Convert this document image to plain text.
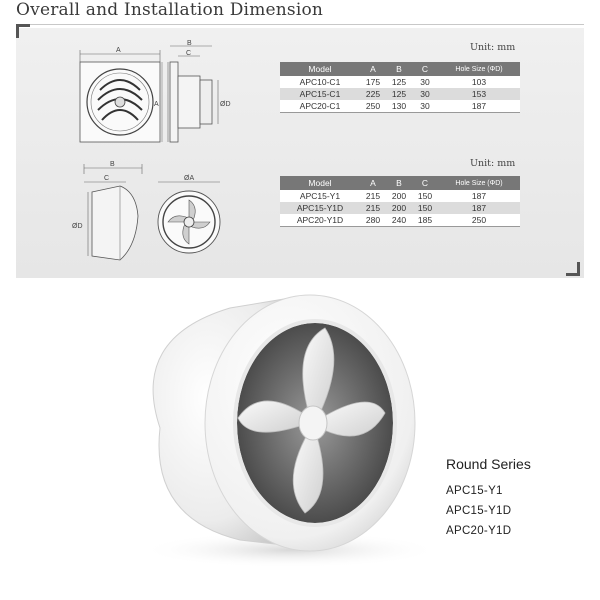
Overall and Installation Dimension
A
B
C
A	ØD
B
C
ØD
ØA
Unit: mm
Model	A	B	C	Hole Size (ΦD)
APC10-C1	175	125	30	103
APC15-C1	225	125	30	153
APC20-C1	250	130	30	187
Unit: mm
Model	A	B	C	Hole Size (ΦD)
APC15-Y1	215	200	150	187
APC15-Y1D	215	200	150	187
APC20-Y1D	280	240	185	250
Round Series
APC15-Y1
APC15-Y1D
APC20-Y1D
